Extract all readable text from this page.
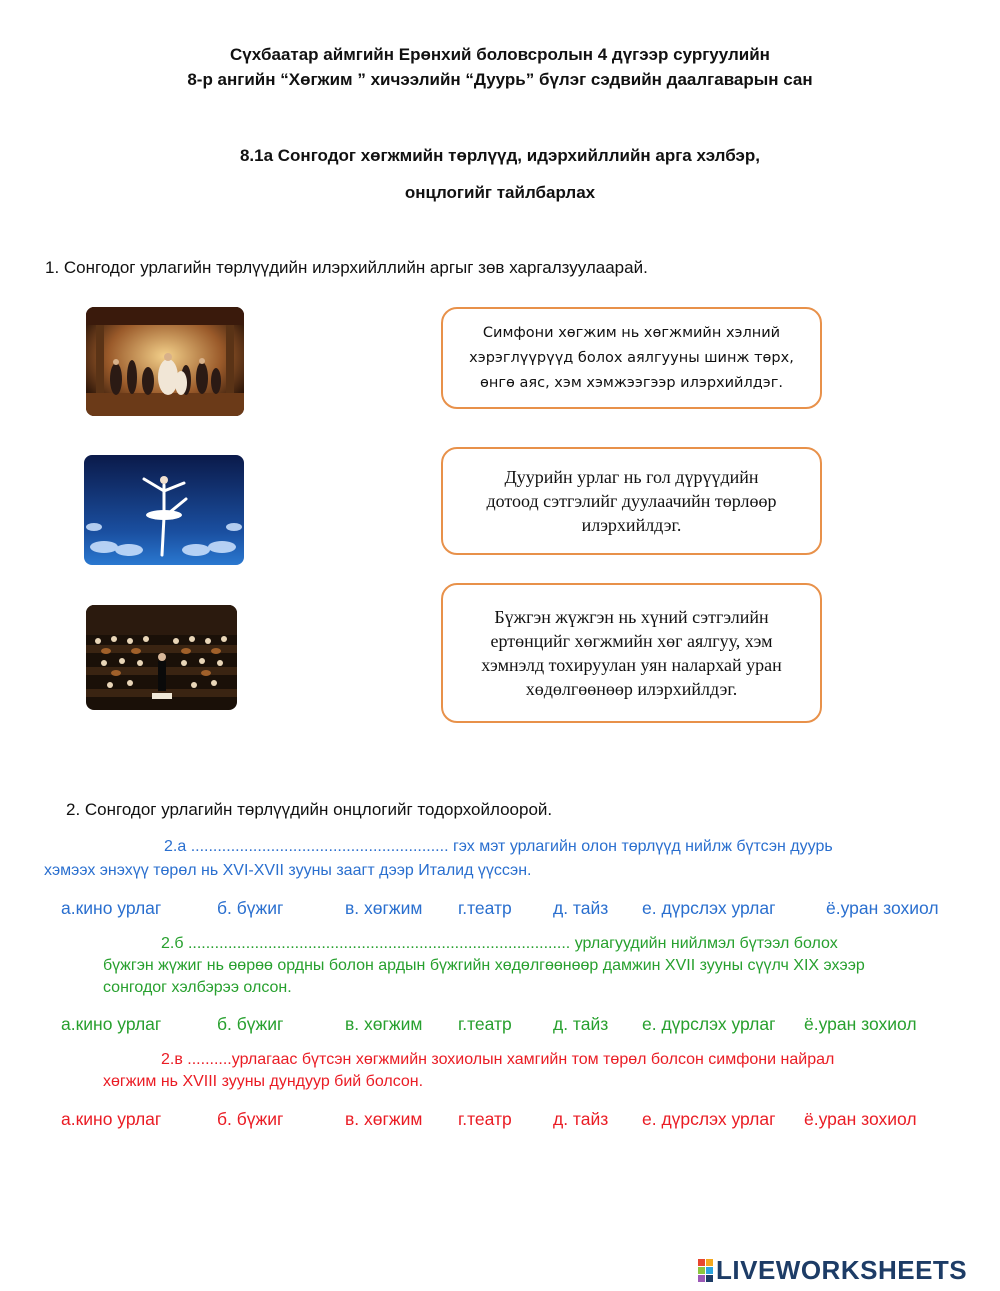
Сүхбаатар аймгийн Ерөнхий боловсролын 4 дүгээр сургуулийн
8-р ангийн “Хөгжим ” хичээлийн “Дуурь” бүлэг сэдвийн даалгаварын сан
8.1а Сонгодог хөгжмийн төрлүүд, идэрхийллийн арга хэлбэр,
онцлогийг тайлбарлах
1. Сонгодог урлагийн төрлүүдийн илэрхийллийн аргыг зөв харгалзуулаарай.
Симфони хөгжим нь хөгжмийн хэлний
хэрэглүүрүүд болох аялгууны шинж төрх,
өнгө аяс, хэм хэмжээгээр илэрхийлдэг.
Дуурийн урлаг нь гол дүрүүдийн
дотоод сэтгэлийг дуулаачийн төрлөөр
илэрхийлдэг.
Бүжгэн жүжгэн нь хүний сэтгэлийн
ертөнцийг хөгжмийн хөг аялгуу, хэм
хэмнэлд тохируулан уян налархай уран
хөдөлгөөнөөр илэрхийлдэг.
2. Сонгодог урлагийн төрлүүдийн онцлогийг тодорхойлоорой.
2.а .......................................................... гэх мэт урлагийн олон төрлүүд нийлж бүтсэн дуурь
хэмээх энэхүү төрөл нь XVI-XVII зууны заагт дээр Италид үүссэн.
а.кино урлаг	б. бүжиг	в. хөгжим	г.театр	д. тайз	е. дүрслэх урлаг	ё.уран зохиол
2.б ...................................................................................... урлагуудийн нийлмэл бүтээл болох
бүжгэн жүжиг нь өөрөө ордны болон ардын бүжгийн хөдөлгөөнөөр дамжин XVII зууны сүүлч XIX эхээр
сонгодог хэлбэрээ олсон.
а.кино урлаг	б. бүжиг	в. хөгжим	г.театр	д. тайз	е. дүрслэх урлаг	ё.уран зохиол
2.в ..........урлагаас бүтсэн хөгжмийн зохиолын хамгийн том төрөл болсон симфони найрал
хөгжим нь XVIII зууны дундуур бий болсон.
а.кино урлаг	б. бүжиг	в. хөгжим	г.театр	д. тайз	е. дүрслэх урлаг	ё.уран зохиол
LIVEWORKSHEETS
